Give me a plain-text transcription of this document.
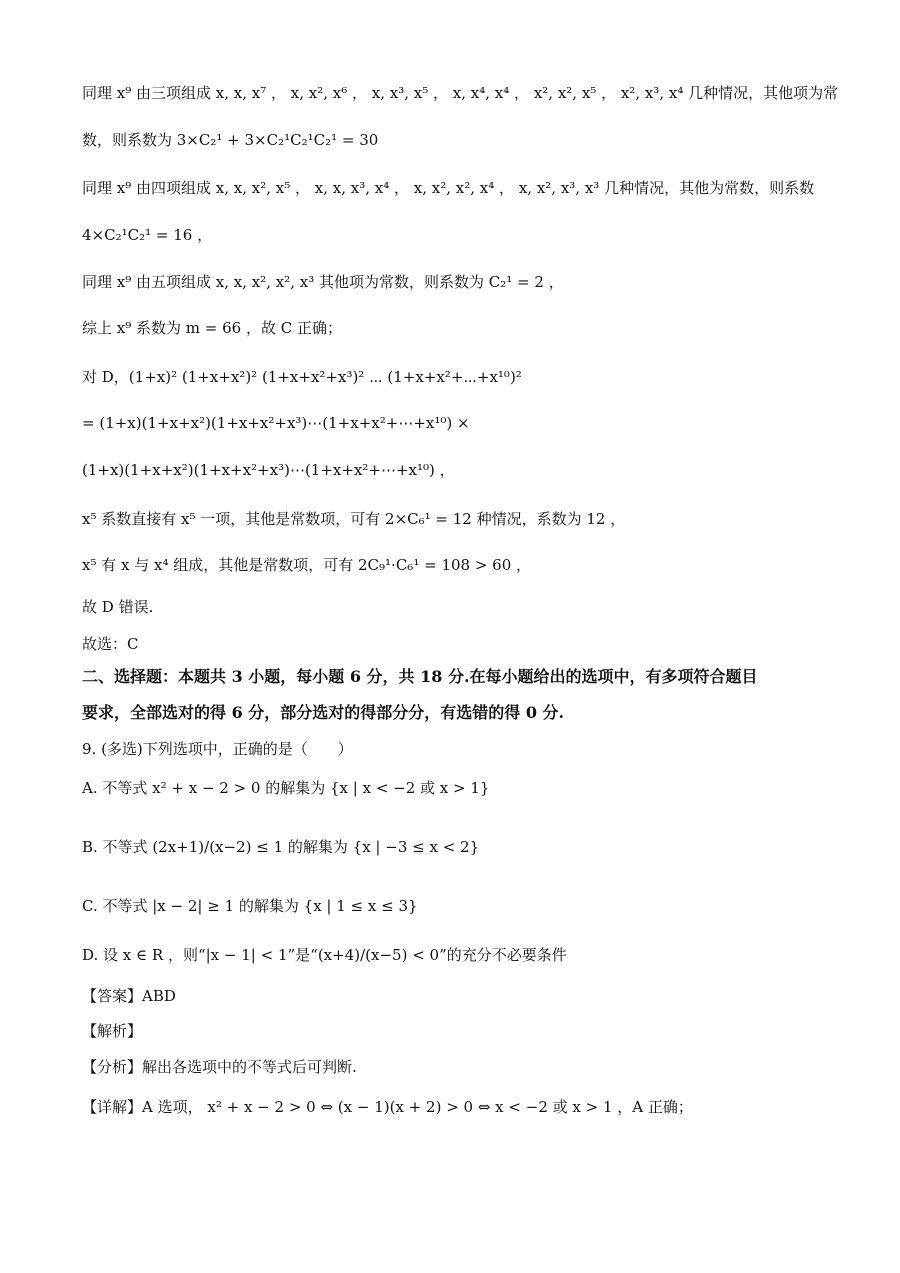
同理 x⁹ 由三项组成 x, x, x⁷ ， x, x², x⁶ ， x, x³, x⁵ ， x, x⁴, x⁴ ， x², x², x⁵ ， x², x³, x⁴ 几种情况，其他项为常
数，则系数为 3×C₂¹ + 3×C₂¹C₂¹C₂¹ = 30
同理 x⁹ 由四项组成 x, x, x², x⁵ ， x, x, x³, x⁴ ， x, x², x², x⁴ ， x, x², x³, x³ 几种情况，其他为常数，则系数
4×C₂¹C₂¹ = 16 ，
同理 x⁹ 由五项组成 x, x, x², x², x³ 其他项为常数，则系数为 C₂¹ = 2 ，
综上 x⁹ 系数为 m = 66 ，故 C 正确；
对 D，(1+x)² (1+x+x²)² (1+x+x²+x³)² ⋯ (1+x+x²+⋯+x¹⁰)²
= (1+x)(1+x+x²)(1+x+x²+x³)⋯(1+x+x²+⋯+x¹⁰) ×
(1+x)(1+x+x²)(1+x+x²+x³)⋯(1+x+x²+⋯+x¹⁰) ，
x⁵ 系数直接有 x⁵ 一项，其他是常数项，可有 2×C₆¹ = 12 种情况，系数为 12 ，
x⁵ 有 x 与 x⁴ 组成，其他是常数项，可有 2C₉¹·C₆¹ = 108 > 60 ，
故 D 错误.
故选：C
二、选择题：本题共 3 小题，每小题 6 分，共 18 分.在每小题给出的选项中，有多项符合题目
要求，全部选对的得 6 分，部分选对的得部分分，有选错的得 0 分.
9. (多选)下列选项中，正确的是（　　）
A. 不等式 x² + x − 2 > 0 的解集为 {x | x < −2 或 x > 1}
B. 不等式 (2x+1)/(x−2) ≤ 1 的解集为 {x | −3 ≤ x < 2}
C. 不等式 |x − 2| ≥ 1 的解集为 {x | 1 ≤ x ≤ 3}
D. 设 x ∈ R ，则“|x − 1| < 1”是“(x+4)/(x−5) < 0”的充分不必要条件
【答案】ABD
【解析】
【分析】解出各选项中的不等式后可判断.
【详解】A 选项， x² + x − 2 > 0 ⇔ (x − 1)(x + 2) > 0 ⇔ x < −2 或 x > 1 ，A 正确；
